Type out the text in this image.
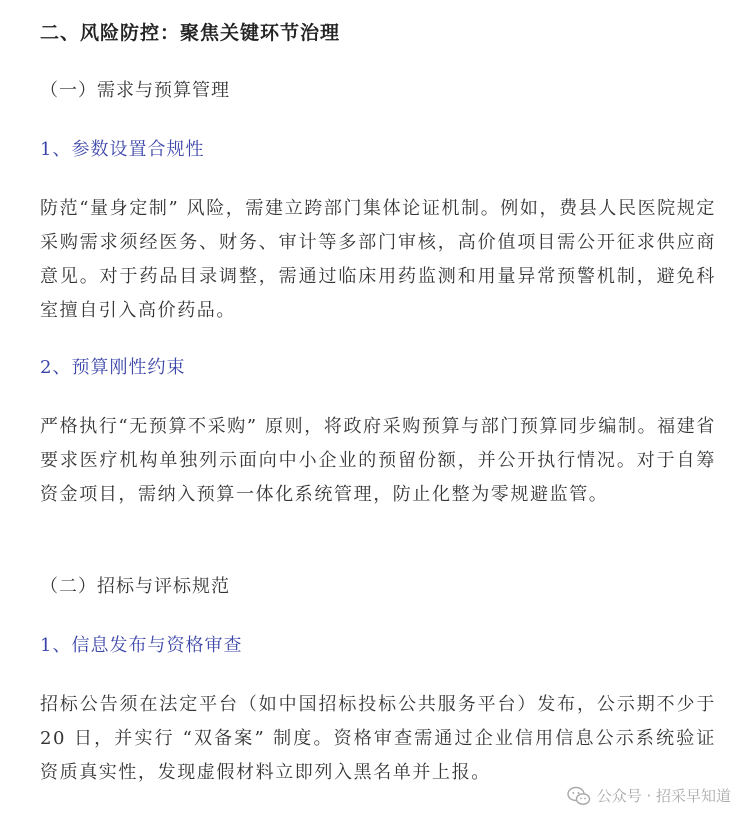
二、风险防控：聚焦关键环节治理

（一）需求与预算管理

1、参数设置合规性

防范“量身定制” 风险，需建立跨部门集体论证机制。例如，费县人民医院规定采购需求须经医务、财务、审计等多部门审核，高价值项目需公开征求供应商意见。对于药品目录调整，需通过临床用药监测和用量异常预警机制，避免科室擅自引入高价药品。

2、预算刚性约束

严格执行“无预算不采购” 原则，将政府采购预算与部门预算同步编制。福建省要求医疗机构单独列示面向中小企业的预留份额，并公开执行情况。对于自筹资金项目，需纳入预算一体化系统管理，防止化整为零规避监管。

（二）招标与评标规范

1、信息发布与资格审查

招标公告须在法定平台（如中国招标投标公共服务平台）发布，公示期不少于20 日，并实行 “双备案” 制度。资格审查需通过企业信用信息公示系统验证资质真实性，发现虚假材料立即列入黑名单并上报。

公众号 · 招采早知道
